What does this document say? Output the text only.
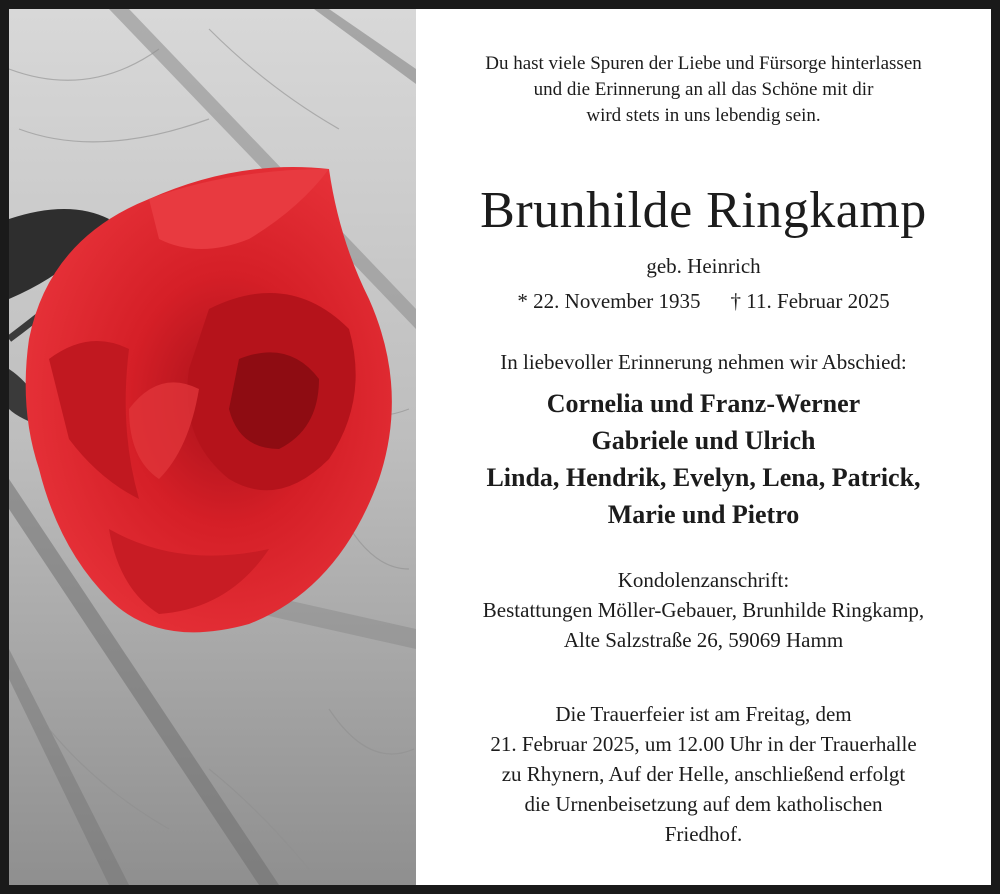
Du hast viele Spuren der Liebe und Fürsorge hinterlassen
und die Erinnerung an all das Schöne mit dir
wird stets in uns lebendig sein.
Brunhilde Ringkamp
geb. Heinrich
* 22. November 1935 † 11. Februar 2025
In liebevoller Erinnerung nehmen wir Abschied:
Cornelia und Franz-Werner
Gabriele und Ulrich
Linda, Hendrik, Evelyn, Lena, Patrick,
Marie und Pietro
Kondolenzanschrift:
Bestattungen Möller-Gebauer, Brunhilde Ringkamp,
Alte Salzstraße 26, 59069 Hamm
Die Trauerfeier ist am Freitag, dem
21. Februar 2025, um 12.00 Uhr in der Trauerhalle
zu Rhynern, Auf der Helle, anschließend erfolgt
die Urnenbeisetzung auf dem katholischen
Friedhof.
